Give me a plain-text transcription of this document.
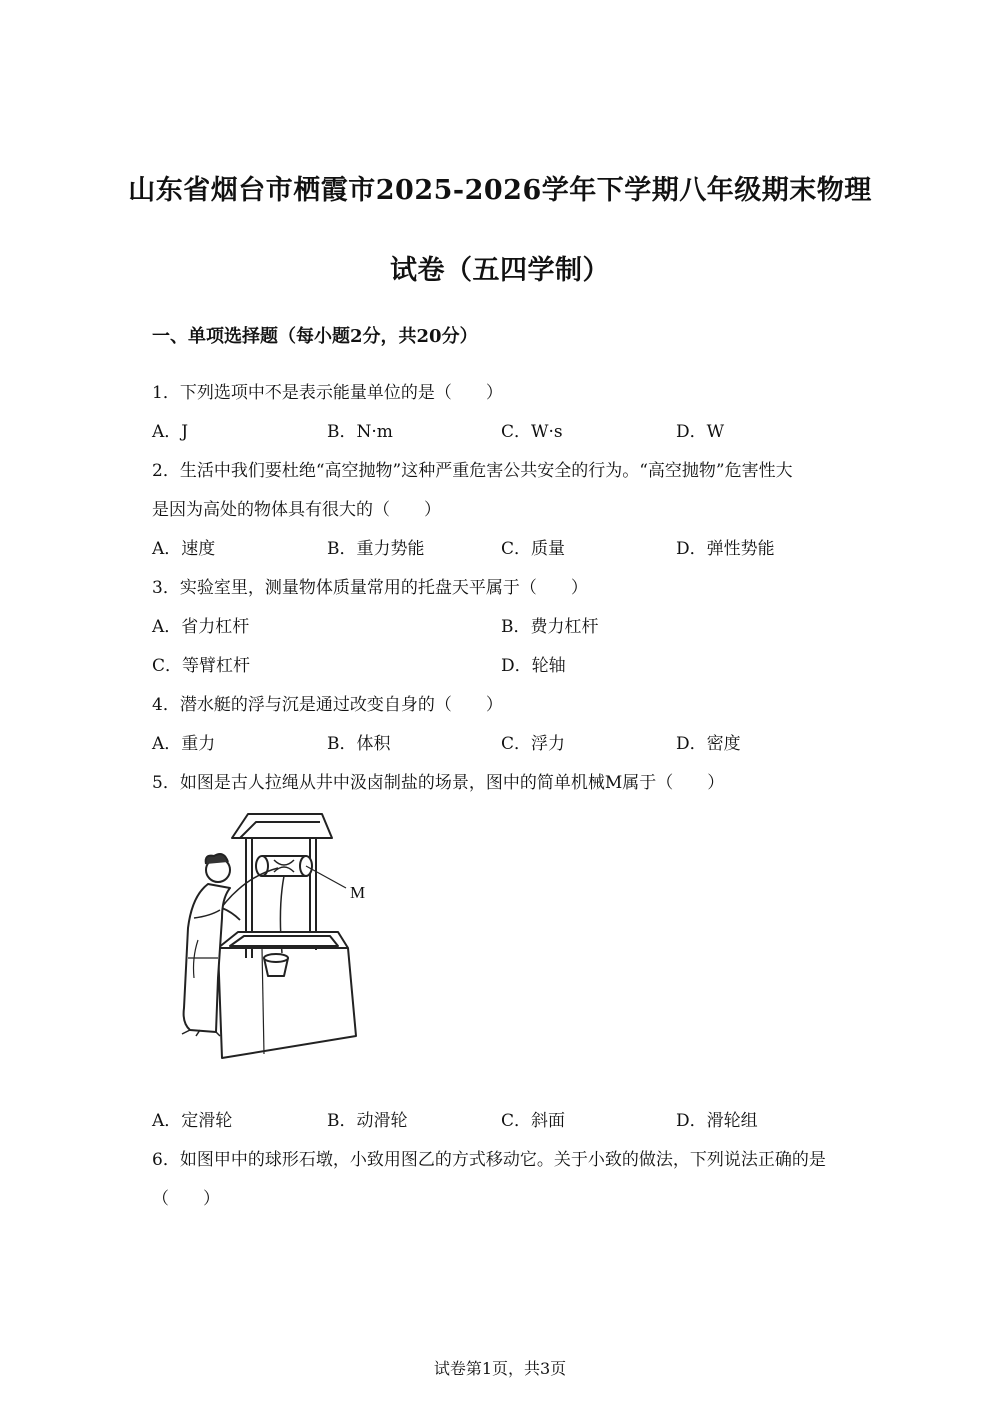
山东省烟台市栖霞市2025-2026学年下学期八年级期末物理
试卷（五四学制）
一、单项选择题（每小题2分，共20分）
1．下列选项中不是表示能量单位的是（　　）
A．J	B．N·m	C．W·s	D．W
2．生活中我们要杜绝“高空抛物”这种严重危害公共安全的行为。“高空抛物”危害性大
是因为高处的物体具有很大的（　　）
A．速度	B．重力势能	C．质量	D．弹性势能
3．实验室里，测量物体质量常用的托盘天平属于（　　）
A．省力杠杆	B．费力杠杆
C．等臂杠杆	D．轮轴
4．潜水艇的浮与沉是通过改变自身的（　　）
A．重力	B．体积	C．浮力	D．密度
5．如图是古人拉绳从井中汲卤制盐的场景，图中的简单机械M属于（　　）
M
A．定滑轮	B．动滑轮	C．斜面	D．滑轮组
6．如图甲中的球形石墩，小致用图乙的方式移动它。关于小致的做法，下列说法正确的是
（　　）
试卷第1页，共3页
